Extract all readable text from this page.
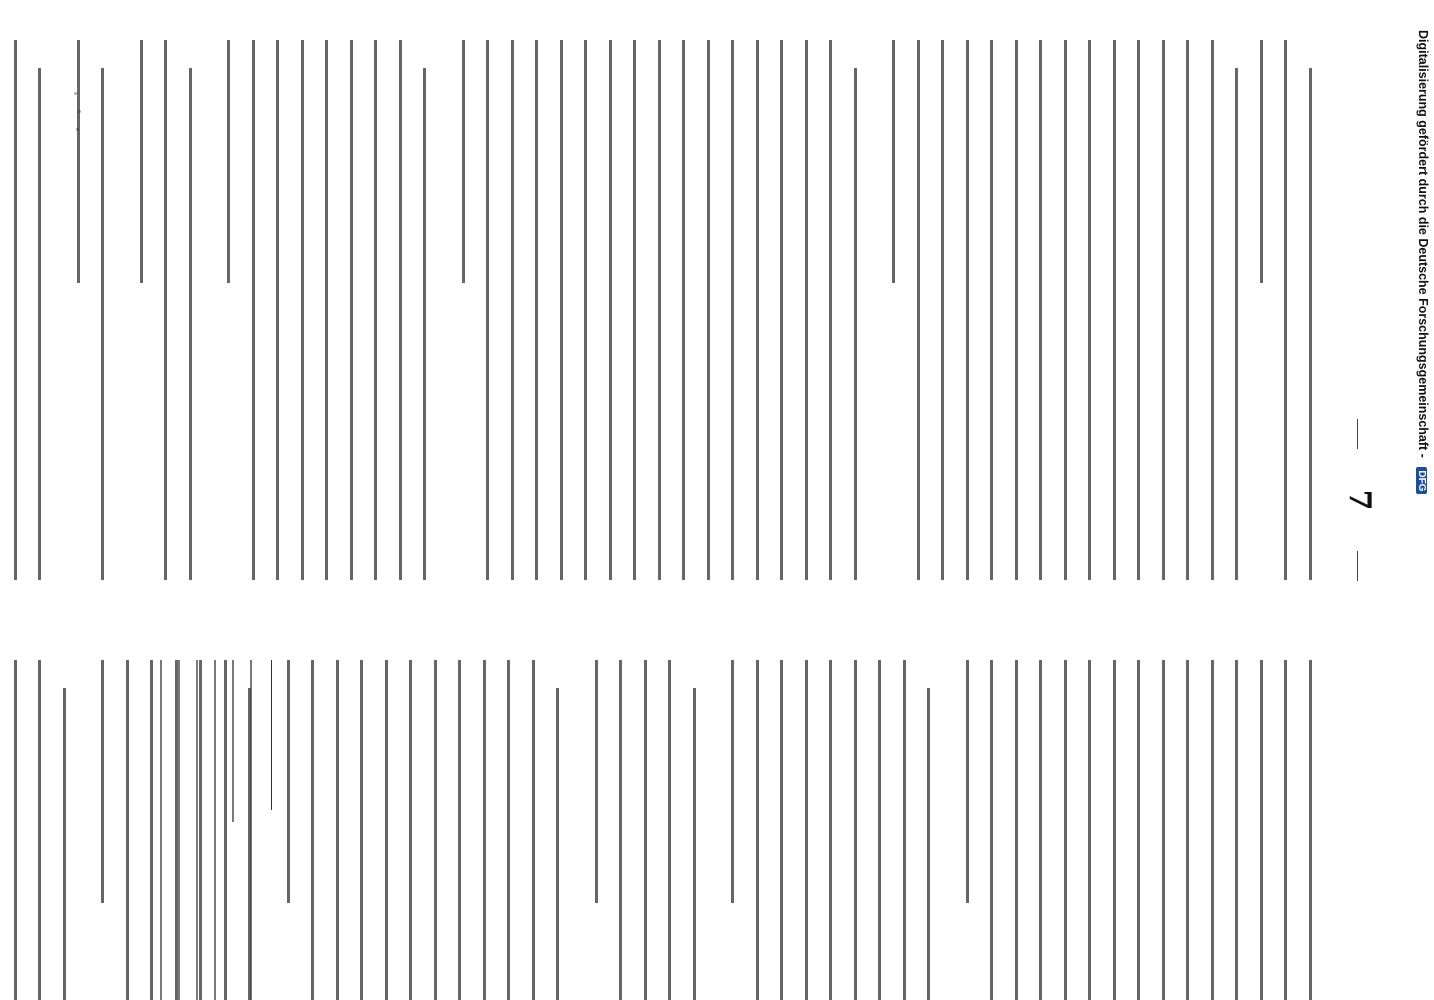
7
Digitalisierung gefördert durch die Deutsche Forschungsgemeinschaft - DFG
